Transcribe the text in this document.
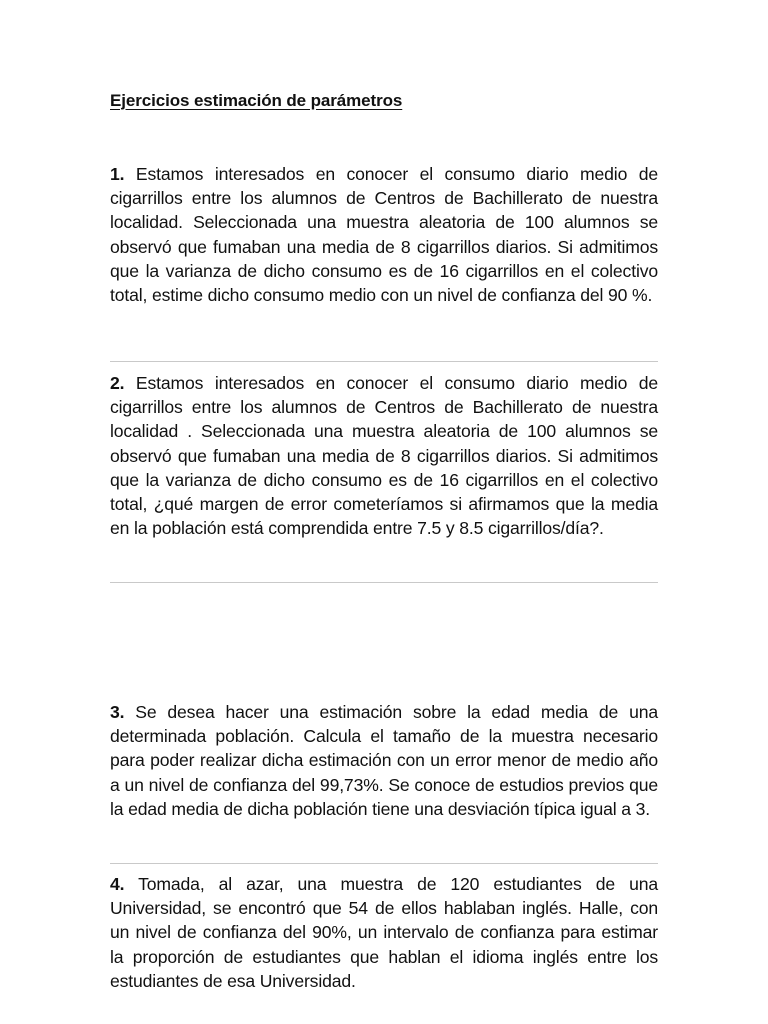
Ejercicios estimación de parámetros
1. Estamos interesados en conocer el consumo diario medio de cigarrillos entre los alumnos de Centros de Bachillerato de nuestra localidad. Seleccionada una muestra aleatoria de 100 alumnos se observó que fumaban una media de 8 cigarrillos diarios. Si admitimos que la varianza de dicho consumo es de 16 cigarrillos en el colectivo total, estime dicho consumo medio con un nivel de confianza del 90 %.
2. Estamos interesados en conocer el consumo diario medio de cigarrillos entre los alumnos de Centros de Bachillerato de nuestra localidad . Seleccionada una muestra aleatoria de 100 alumnos se observó que fumaban una media de 8 cigarrillos diarios. Si admitimos que la varianza de dicho consumo es de 16 cigarrillos en el colectivo total, ¿qué margen de error cometeríamos si afirmamos que la media en la población está comprendida entre 7.5 y 8.5 cigarrillos/día?.
3. Se desea hacer una estimación sobre la edad media de una determinada población. Calcula el tamaño de la muestra necesario para poder realizar dicha estimación con un error menor de medio año a un nivel de confianza del 99,73%. Se conoce de estudios previos que la edad media de dicha población tiene una desviación típica igual a 3.
4. Tomada, al azar, una muestra de 120 estudiantes de una Universidad, se encontró que 54 de ellos hablaban inglés. Halle, con un nivel de confianza del 90%, un intervalo de confianza para estimar la proporción de estudiantes que hablan el idioma inglés entre los estudiantes de esa Universidad.
